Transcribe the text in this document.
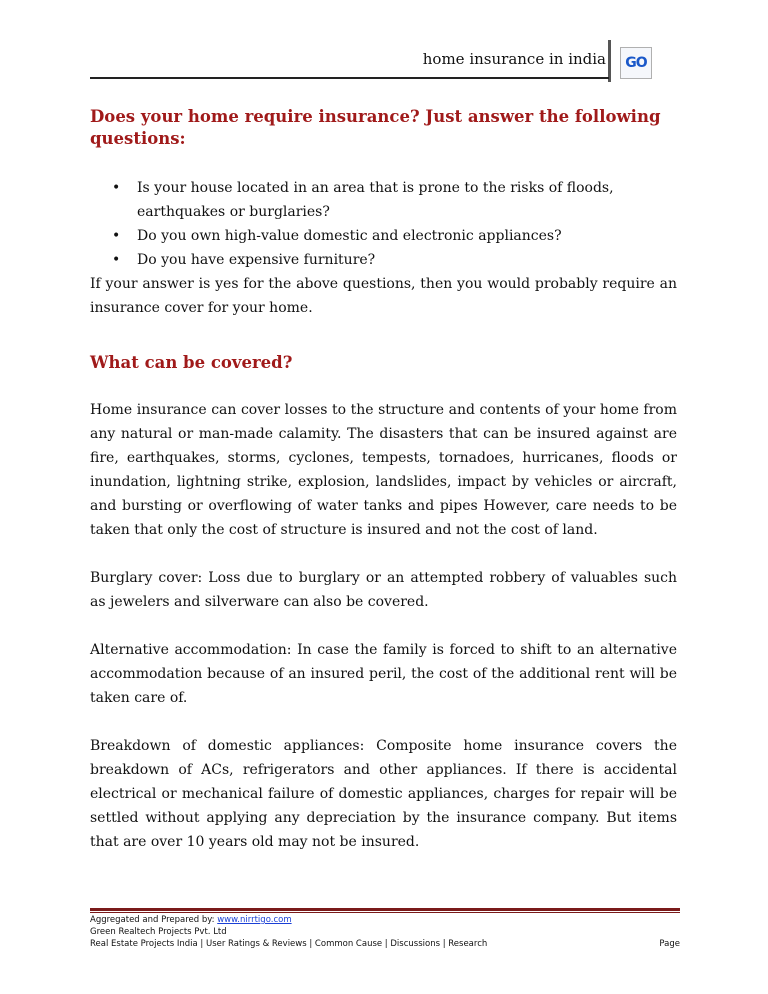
home insurance in india GO
Does your home require insurance? Just answer the following questions:
• Is your house located in an area that is prone to the risks of floods, earthquakes or burglaries?
• Do you own high-value domestic and electronic appliances?
• Do you have expensive furniture?

If your answer is yes for the above questions, then you would probably require an insurance cover for your home.

What can be covered?

Home insurance can cover losses to the structure and contents of your home from any natural or man-made calamity. The disasters that can be insured against are fire, earthquakes, storms, cyclones, tempests, tornadoes, hurricanes, floods or inundation, lightning strike, explosion, landslides, impact by vehicles or aircraft, and bursting or overflowing of water tanks and pipes However, care needs to be taken that only the cost of structure is insured and not the cost of land.

Burglary cover: Loss due to burglary or an attempted robbery of valuables such as jewelers and silverware can also be covered.

Alternative accommodation: In case the family is forced to shift to an alternative accommodation because of an insured peril, the cost of the additional rent will be taken care of.

Breakdown of domestic appliances: Composite home insurance covers the breakdown of ACs, refrigerators and other appliances. If there is accidental electrical or mechanical failure of domestic appliances, charges for repair will be settled without applying any depreciation by the insurance company. But items that are over 10 years old may not be insured.

Aggregated and Prepared by: www.nirrtigo.com
Green Realtech Projects Pvt. Ltd
Real Estate Projects India | User Ratings & Reviews | Common Cause | Discussions | Research	Page
